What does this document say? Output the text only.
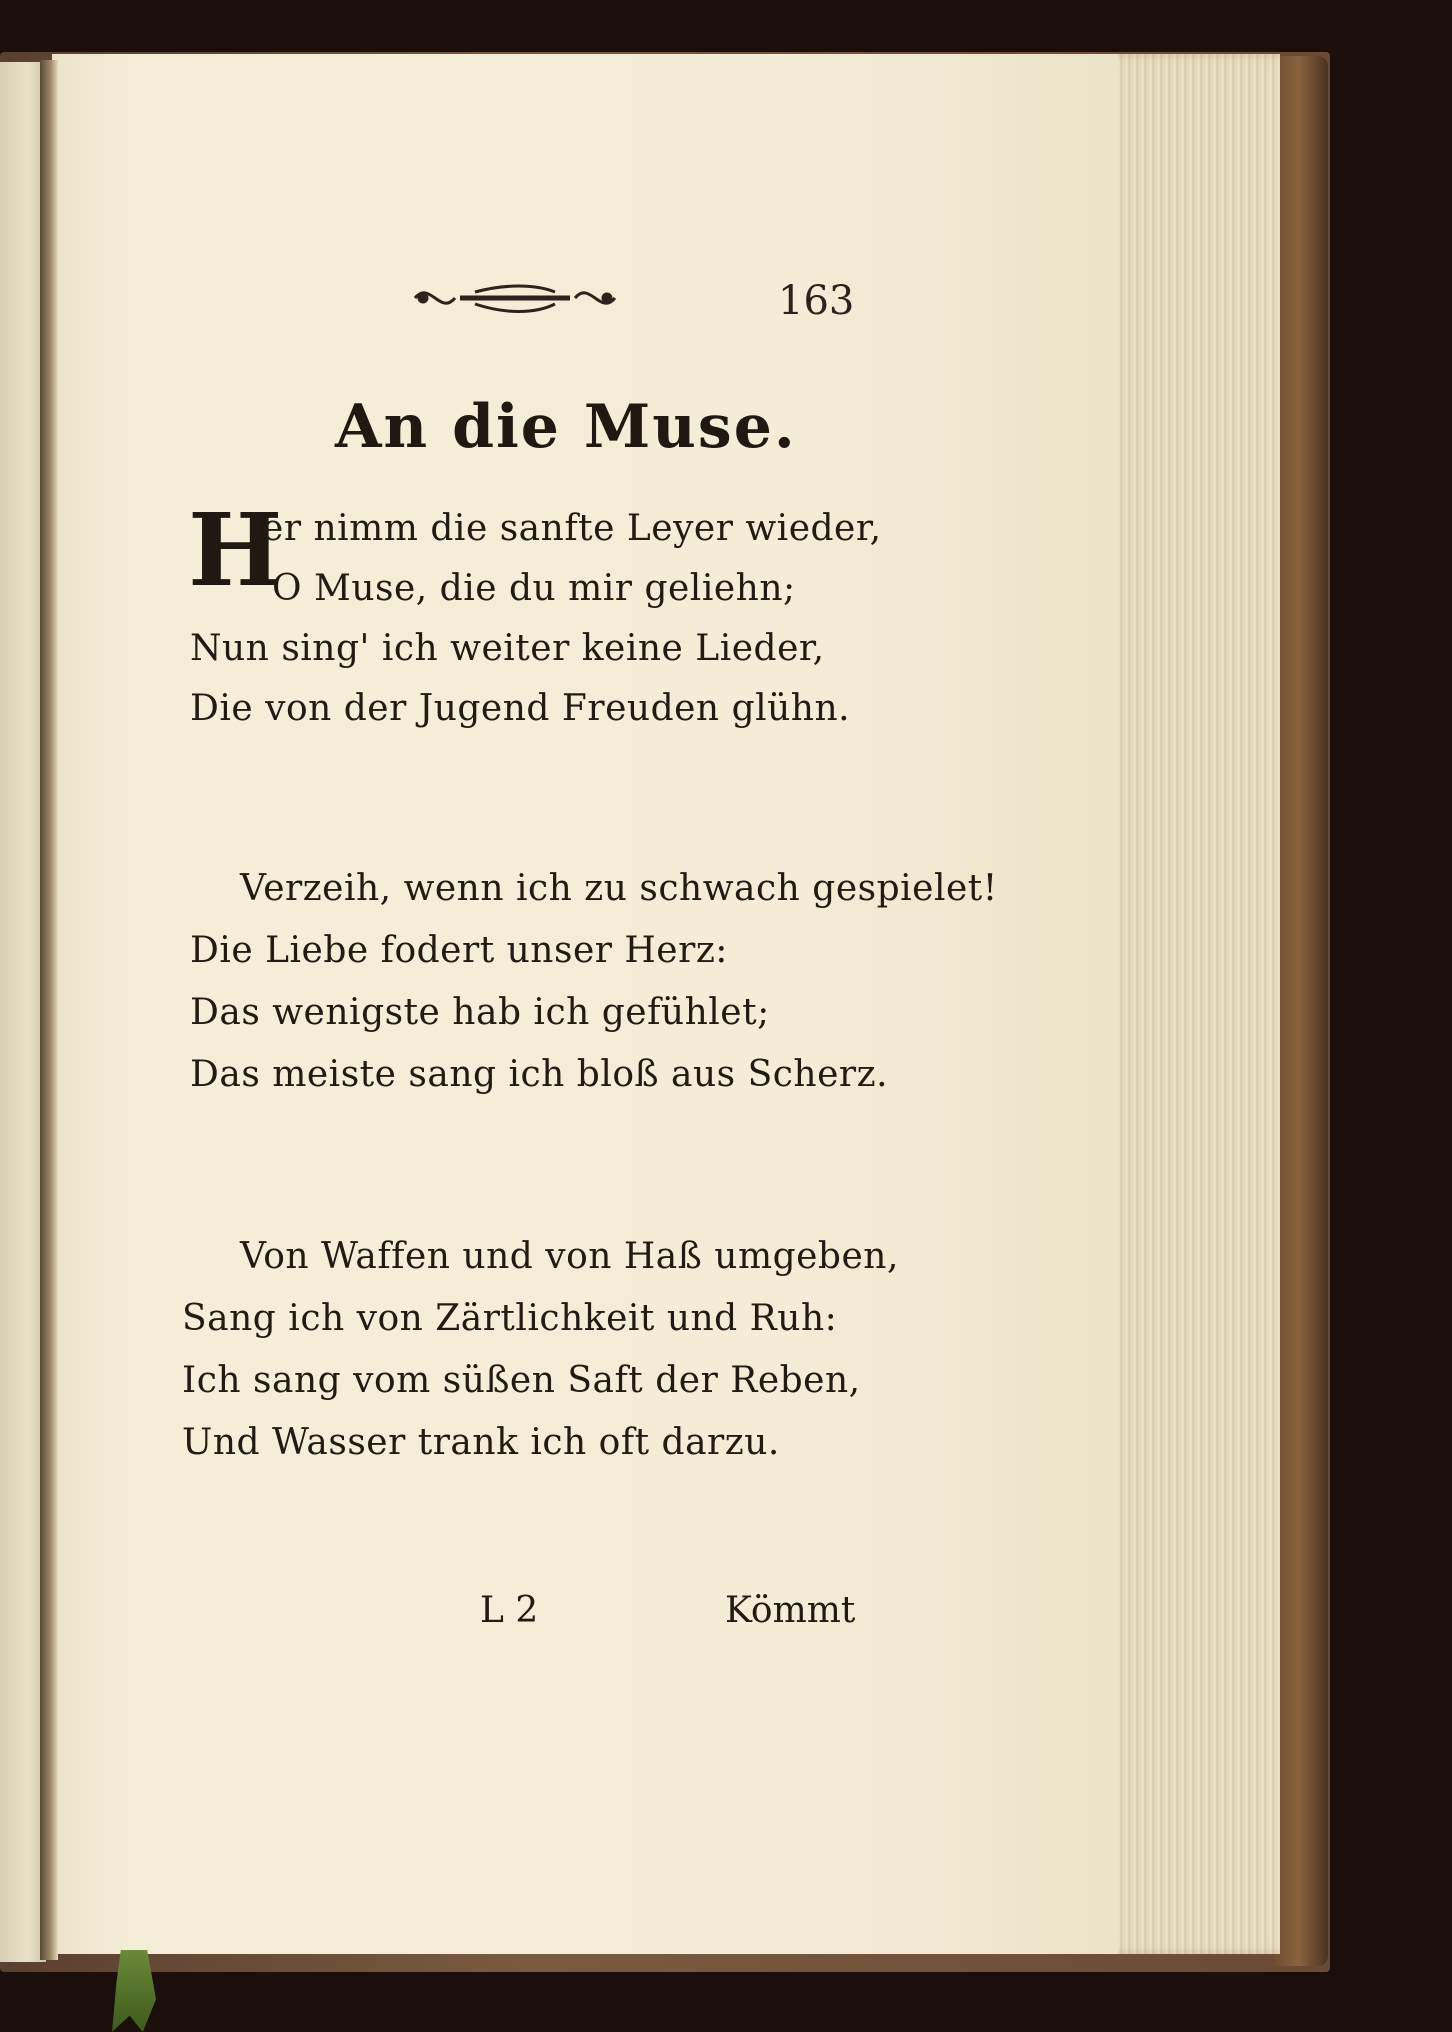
163
An die Muse.
H
ier nimm die sanfte Leyer wieder,
O Muse, die du mir geliehn;
Nun sing' ich weiter keine Lieder,
Die von der Jugend Freuden glühn.
Verzeih, wenn ich zu schwach gespielet!
Die Liebe fodert unser Herz:
Das wenigste hab ich gefühlet;
Das meiste sang ich bloß aus Scherz.
Von Waffen und von Haß umgeben,
Sang ich von Zärtlichkeit und Ruh:
Ich sang vom süßen Saft der Reben,
Und Wasser trank ich oft darzu.
L 2	Kömmt
